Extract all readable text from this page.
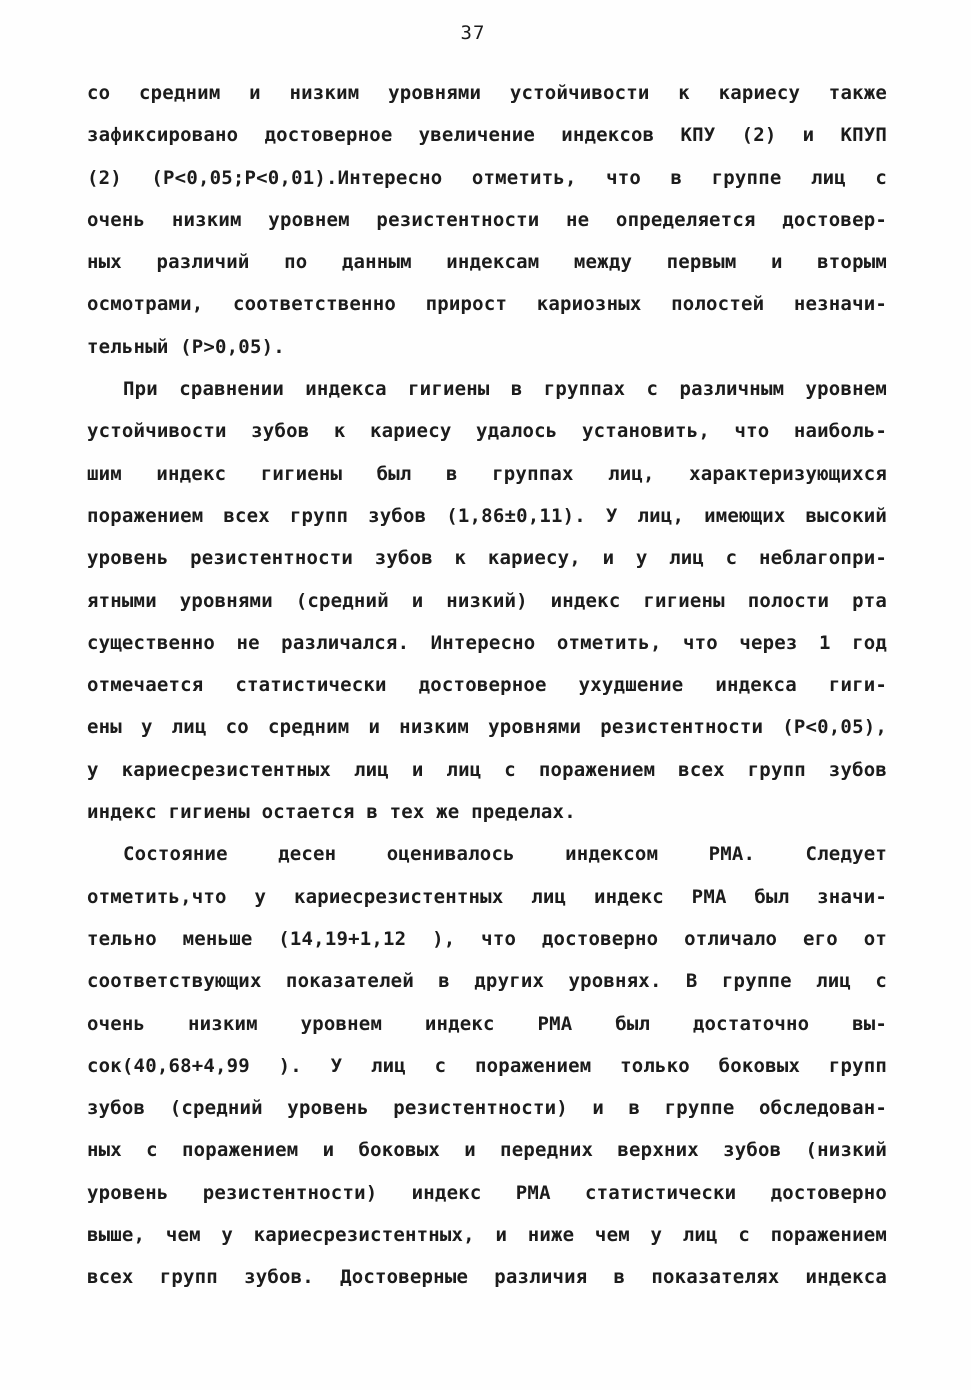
37
со средним и низким уровнями устойчивости к кариесу также
зафиксировано достоверное увеличение индексов КПУ (2) и КПУП
(2) (P<0,05;P<0,01).Интересно отметить, что в группе лиц с
очень низким уровнем резистентности не определяется достовер-
ных различий по данным индексам между первым и вторым
осмотрами, соответственно прирост кариозных полостей незначи-
тельный (P>0,05).
При сравнении индекса гигиены в группах с различным уровнем
устойчивости зубов к кариесу удалось установить, что наиболь-
шим индекс гигиены был в группах лиц, характеризующихся
поражением всех групп зубов (1,86±0,11). У лиц, имеющих высокий
уровень резистентности зубов к кариесу, и у лиц с неблагопри-
ятными уровнями (средний и низкий) индекс гигиены полости рта
существенно не различался. Интересно отметить, что через 1 год
отмечается статистически достоверное ухудшение индекса гиги-
ены у лиц со средним и низким уровнями резистентности (P<0,05),
у кариесрезистентных лиц и лиц с поражением всех групп зубов
индекс гигиены остается в тех же пределах.
Состояние десен оценивалось индексом РМА. Следует
отметить,что у кариесрезистентных лиц индекс РМА был значи-
тельно меньше (14,19+1,12 ), что достоверно отличало его от
соответствующих показателей в других уровнях. В группе лиц с
очень низким уровнем индекс РМА был достаточно вы-
сок(40,68+4,99 ). У лиц с поражением только боковых групп
зубов (средний уровень резистентности) и в группе обследован-
ных с поражением и боковых и передних верхних зубов (низкий
уровень резистентности) индекс РМА статистически достоверно
выше, чем у кариесрезистентных, и ниже чем у лиц с поражением
всех групп зубов. Достоверные различия в показателях индекса
